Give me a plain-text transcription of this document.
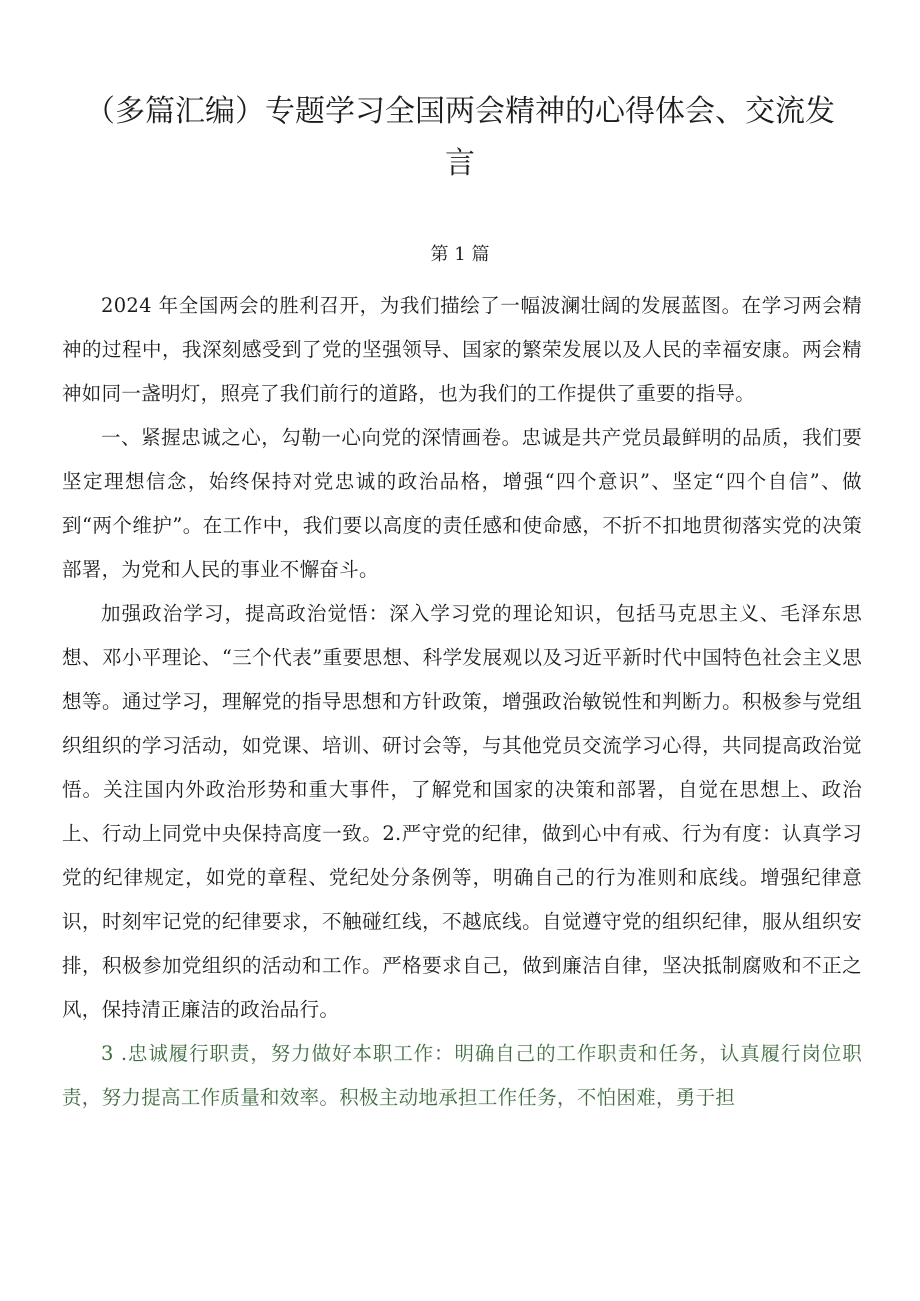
（多篇汇编）专题学习全国两会精神的心得体会、交流发言
第 1 篇

2024 年全国两会的胜利召开，为我们描绘了一幅波澜壮阔的发展蓝图。在学习两会精神的过程中，我深刻感受到了党的坚强领导、国家的繁荣发展以及人民的幸福安康。两会精神如同一盏明灯，照亮了我们前行的道路，也为我们的工作提供了重要的指导。

一、紧握忠诚之心，勾勒一心向党的深情画卷。忠诚是共产党员最鲜明的品质，我们要坚定理想信念，始终保持对党忠诚的政治品格，增强“四个意识”、坚定“四个自信”、做到“两个维护”。在工作中，我们要以高度的责任感和使命感，不折不扣地贯彻落实党的决策部署，为党和人民的事业不懈奋斗。

加强政治学习，提高政治觉悟：深入学习党的理论知识，包括马克思主义、毛泽东思想、邓小平理论、“三个代表”重要思想、科学发展观以及习近平新时代中国特色社会主义思想等。通过学习，理解党的指导思想和方针政策，增强政治敏锐性和判断力。积极参与党组织组织的学习活动，如党课、培训、研讨会等，与其他党员交流学习心得，共同提高政治觉悟。关注国内外政治形势和重大事件，了解党和国家的决策和部署，自觉在思想上、政治上、行动上同党中央保持高度一致。2.严守党的纪律，做到心中有戒、行为有度：认真学习党的纪律规定，如党的章程、党纪处分条例等，明确自己的行为准则和底线。增强纪律意识，时刻牢记党的纪律要求，不触碰红线，不越底线。自觉遵守党的组织纪律，服从组织安排，积极参加党组织的活动和工作。严格要求自己，做到廉洁自律，坚决抵制腐败和不正之风，保持清正廉洁的政治品行。

3 .忠诚履行职责，努力做好本职工作：明确自己的工作职责和任务，认真履行岗位职责，努力提高工作质量和效率。积极主动地承担工作任务，不怕困难，勇于担
